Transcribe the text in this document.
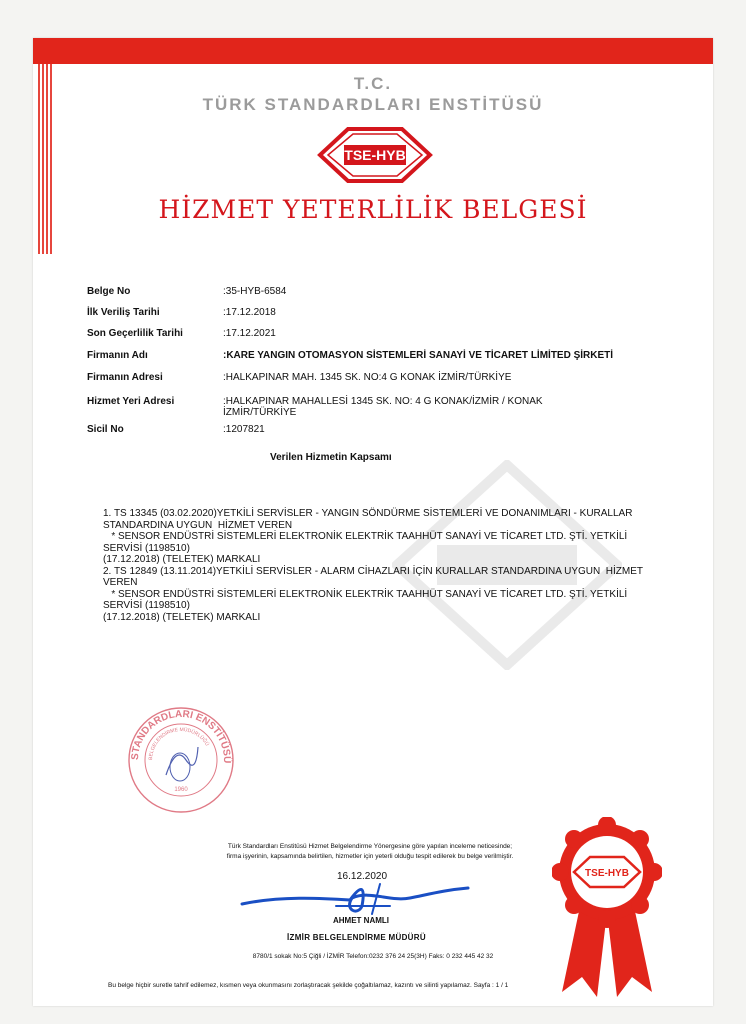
T.C.
TÜRK STANDARDLARI ENSTİTÜSÜ
TSE-HYB
HİZMET YETERLİLİK BELGESİ
Belge No	:35-HYB-6584
İlk Veriliş Tarihi	:17.12.2018
Son Geçerlilik Tarihi	:17.12.2021
Firmanın Adı	:KARE YANGIN OTOMASYON SİSTEMLERİ SANAYİ VE TİCARET LİMİTED ŞİRKETİ
Firmanın Adresi	:HALKAPINAR MAH. 1345 SK. NO:4 G KONAK İZMİR/TÜRKİYE
Hizmet Yeri Adresi	:HALKAPINAR MAHALLESİ 1345 SK. NO: 4 G KONAK/İZMİR / KONAK
İZMİR/TÜRKİYE
Sicil No	:1207821
Verilen Hizmetin Kapsamı
1. TS 13345 (03.02.2020)YETKİLİ SERVİSLER - YANGIN SÖNDÜRME SİSTEMLERİ VE DONANIMLARI - KURALLAR
STANDARDINA UYGUN  HİZMET VEREN
* SENSOR ENDÜSTRİ SİSTEMLERİ ELEKTRONİK ELEKTRİK TAAHHÜT SANAYİ VE TİCARET LTD. ŞTİ. YETKİLİ
SERVİSİ (1198510)
(17.12.2018) (TELETEK) MARKALI
2. TS 12849 (13.11.2014)YETKİLİ SERVİSLER - ALARM CİHAZLARI İÇİN KURALLAR STANDARDINA UYGUN  HİZMET
VEREN
* SENSOR ENDÜSTRİ SİSTEMLERİ ELEKTRONİK ELEKTRİK TAAHHÜT SANAYİ VE TİCARET LTD. ŞTİ. YETKİLİ
SERVİSİ (1198510)
(17.12.2018) (TELETEK) MARKALI
STANDARDLARI ENSTİTÜSÜ
BELGELENDİRME MÜDÜRLÜĞÜ
1960
Türk Standardları Enstitüsü Hizmet Belgelendirme Yönergesine göre yapılan inceleme neticesinde;
firma işyerinin, kapsamında belirtilen, hizmetler için yeterli olduğu tespit edilerek bu belge verilmiştir.
16.12.2020
AHMET NAMLI
İZMİR BELGELENDİRME MÜDÜRÜ
TSE-HYB
8780/1 sokak No:5 Çiğli / İZMİR Telefon:0232 376 24 25(3H) Faks: 0 232 445 42 32
Bu belge hiçbir suretle tahrif edilemez, kısmen veya okunmasını zorlaştıracak şekilde çoğaltılamaz, kazıntı ve silinti yapılamaz. Sayfa : 1 / 1
